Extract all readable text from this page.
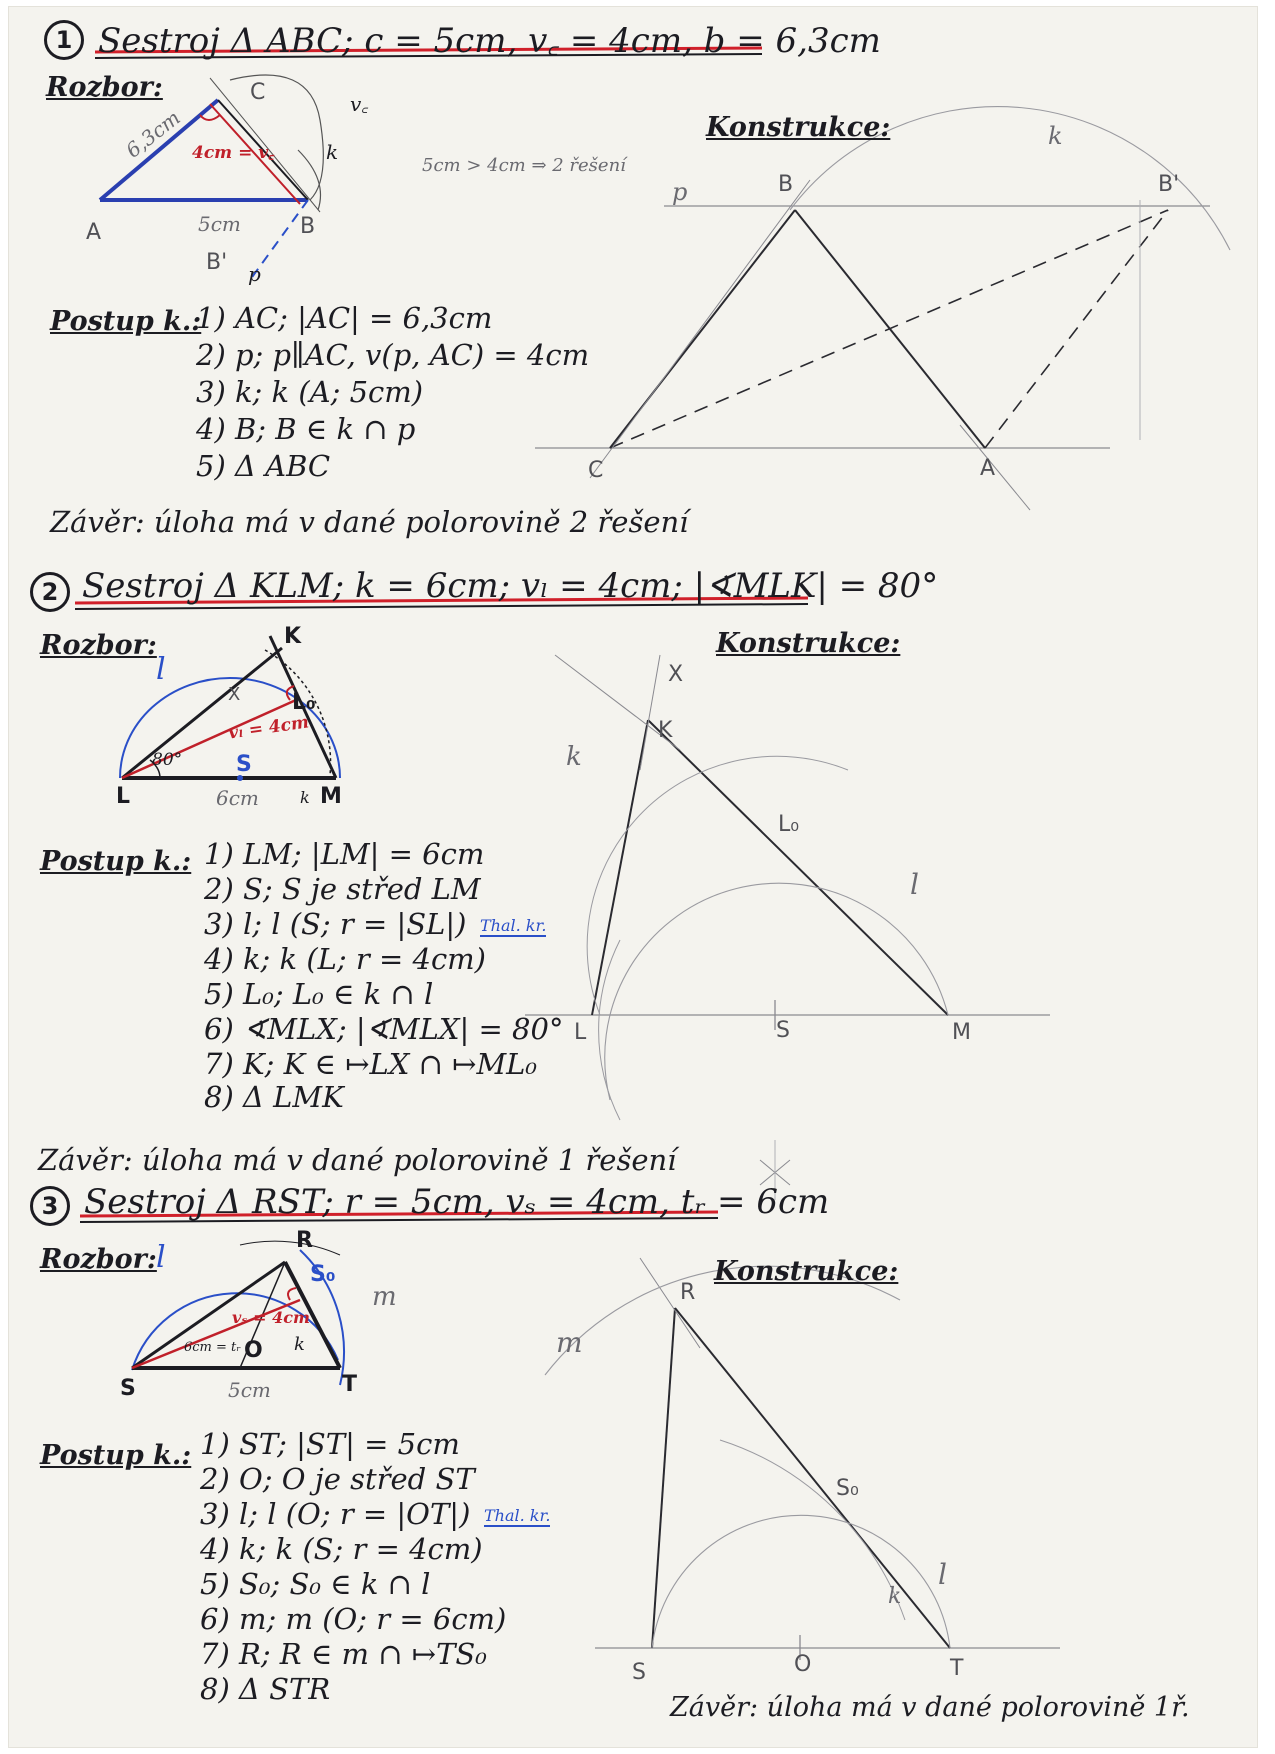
1 Sestroj Δ ABC; c = 5cm, v꜀ = 4cm, b = 6,3cm
Rozbor:
A	B
C
B' p
k
v꜀
6,3cm
5cm
4cm = v꜀
5cm > 4cm ⇒ 2 řešení
Konstrukce:
B	B'
C	A
p
k
Postup k.:
1) AC; |AC| = 6,3cm
2) p; p∥AC, v(p, AC) = 4cm
3) k; k (A; 5cm)
4) B; B ∈ k ∩ p
5) Δ ABC
Závěr: úloha má v dané polorovině 2 řešení
2 Sestroj Δ KLM; k = 6cm; vₗ = 4cm; |∢MLK| = 80°
Rozbor:	Konstrukce:
K
L	M
L₀
S
X
l
k
80°
vₗ = 4cm
6cm
X
K
k
L₀
l
L	S	M
Postup k.: 1) LM; |LM| = 6cm
2) S; S je střed LM
3) l; l (S; r = |SL|) Thal. kr.
4) k; k (L; r = 4cm)
5) L₀; L₀ ∈ k ∩ l
6) ∢MLX; |∢MLX| = 80°
7) K; K ∈ ↦LX ∩ ↦ML₀
8) Δ LMK
Závěr: úloha má v dané polorovině 1 řešení
3 Sestroj Δ RST; r = 5cm, vₛ = 4cm, tᵣ = 6cm
Rozbor:	Konstrukce:
R
S₀
m
l
S
O
T
k
vₛ = 4cm
6cm = tᵣ
5cm
R
m
S₀
l
k
S	O	T
Postup k.: 1) ST; |ST| = 5cm
2) O; O je střed ST
3) l; l (O; r = |OT|) Thal. kr.
4) k; k (S; r = 4cm)
5) S₀; S₀ ∈ k ∩ l
6) m; m (O; r = 6cm)
7) R; R ∈ m ∩ ↦TS₀
8) Δ STR
Závěr: úloha má v dané polorovině 1ř.
